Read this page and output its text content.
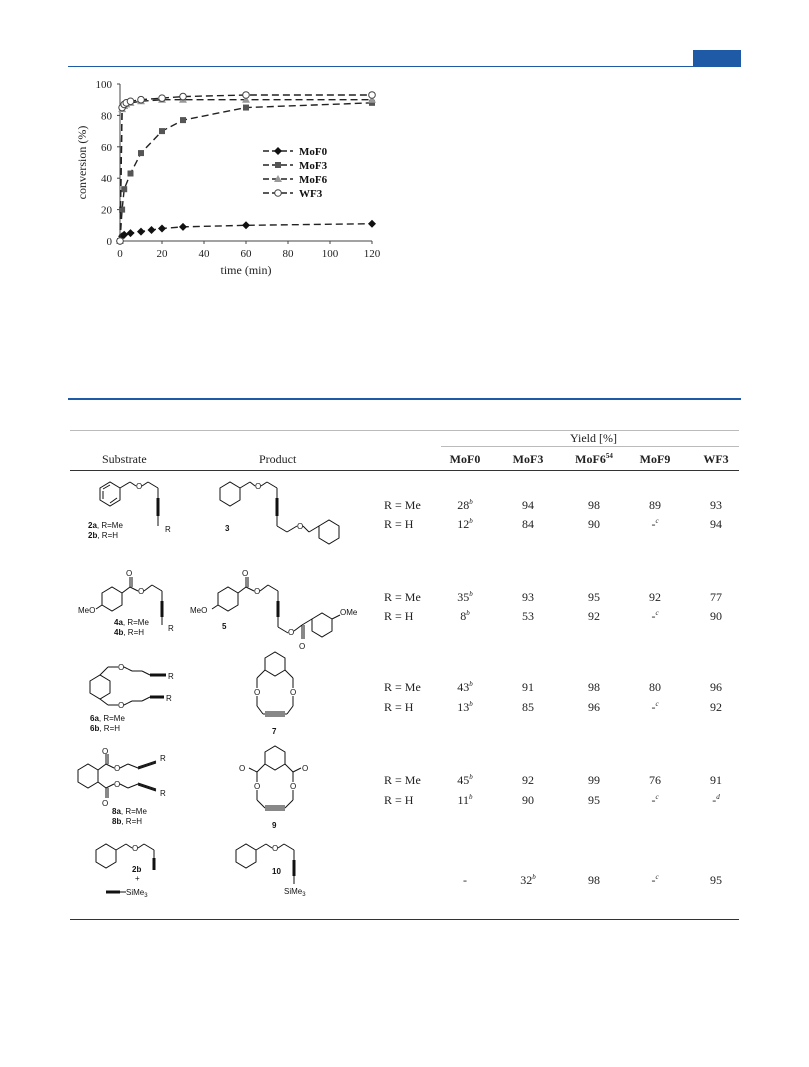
0
20
40
60
80
100
0	20	40	60	80	100 120
time (min)
conversion (%)	MoF0
MoF3
MoF6
WF3
Yield [%]
Substrate	Product	MoF0	MoF3	$MoF6^{54}$	MoF9	WF3
R = Me	28$^b$	94	98	89	93
R = H	12$^b$	84	90	-$^c$	94
R = Me	35$^b$	93	95	92	77
R = H	8$^b$	53	92	-$^c$	90
R = Me	43$^b$	91	98	80	96
R = H	13$^b$	85	96	-$^c$	92
R = Me	45$^b$	92	99	76	91
R = H	11$^b$	90	95	-$^c$	-$^d$
-	32$^b$	98	-$^c$	95
O
R
2a, R=Me
2b, R=H
O
O
3
O
O
MeO
R
4a, R=Me
4b, R=H
O
O
MeO
O
O
OMe
5
O
O
R
R
6a, R=Me
6b, R=H
O	O
7
O
O
O
O
R
R
8a, R=Me
8b, R=H
O	O
O	O
9
O
2b
+
SiMe$_3$
O
10
SiMe$_3$
